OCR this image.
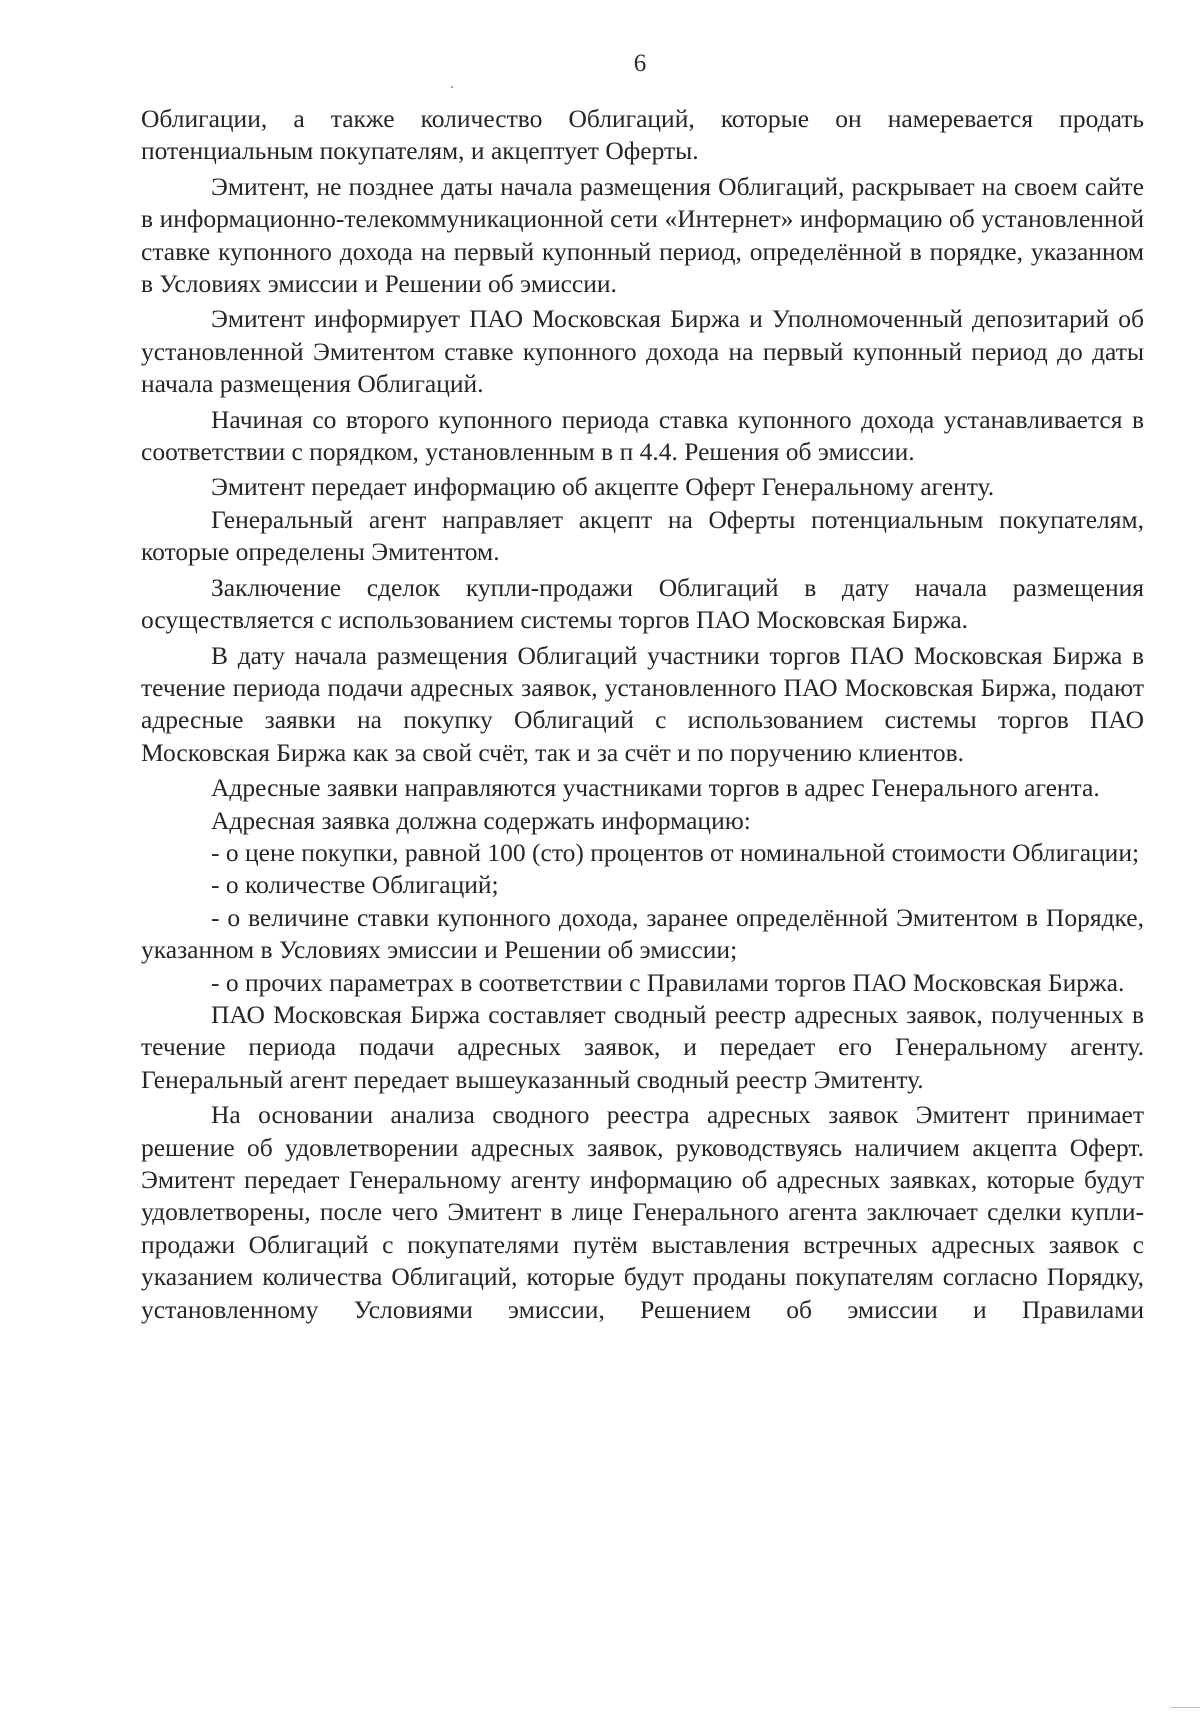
6

Облигации, а также количество Облигаций, которые он намеревается продать потенциальным покупателям, и акцептует Оферты.

Эмитент, не позднее даты начала размещения Облигаций, раскрывает на своем сайте в информационно-телекоммуникационной сети «Интернет» информацию об установленной ставке купонного дохода на первый купонный период, определённой в порядке, указанном в Условиях эмиссии и Решении об эмиссии.

Эмитент информирует ПАО Московская Биржа и Уполномоченный депозитарий об установленной Эмитентом ставке купонного дохода на первый купонный период до даты начала размещения Облигаций.

Начиная со второго купонного периода ставка купонного дохода устанавливается в соответствии с порядком, установленным в п 4.4. Решения об эмиссии.

Эмитент передает информацию об акцепте Оферт Генеральному агенту.

Генеральный агент направляет акцепт на Оферты потенциальным покупателям, которые определены Эмитентом.

Заключение сделок купли-продажи Облигаций в дату начала размещения осуществляется с использованием системы торгов ПАО Московская Биржа.

В дату начала размещения Облигаций участники торгов ПАО Московская Биржа в течение периода подачи адресных заявок, установленного ПАО Московская Биржа, подают адресные заявки на покупку Облигаций с использованием системы торгов ПАО Московская Биржа как за свой счёт, так и за счёт и по поручению клиентов.

Адресные заявки направляются участниками торгов в адрес Генерального агента.

Адресная заявка должна содержать информацию:

- о цене покупки, равной 100 (сто) процентов от номинальной стоимости Облигации;

- о количестве Облигаций;

- о величине ставки купонного дохода, заранее определённой Эмитентом в Порядке, указанном в Условиях эмиссии и Решении об эмиссии;

- о прочих параметрах в соответствии с Правилами торгов ПАО Московская Биржа.

ПАО Московская Биржа составляет сводный реестр адресных заявок, полученных в течение периода подачи адресных заявок, и передает его Генеральному агенту. Генеральный агент передает вышеуказанный сводный реестр Эмитенту.

На основании анализа сводного реестра адресных заявок Эмитент принимает решение об удовлетворении адресных заявок, руководствуясь наличием акцепта Оферт. Эмитент передает Генеральному агенту информацию об адресных заявках, которые будут удовлетворены, после чего Эмитент в лице Генерального агента заключает сделки купли-продажи Облигаций с покупателями путём выставления встречных адресных заявок с указанием количества Облигаций, которые будут проданы покупателям согласно Порядку, установленному Условиями эмиссии, Решением об эмиссии и Правилами
